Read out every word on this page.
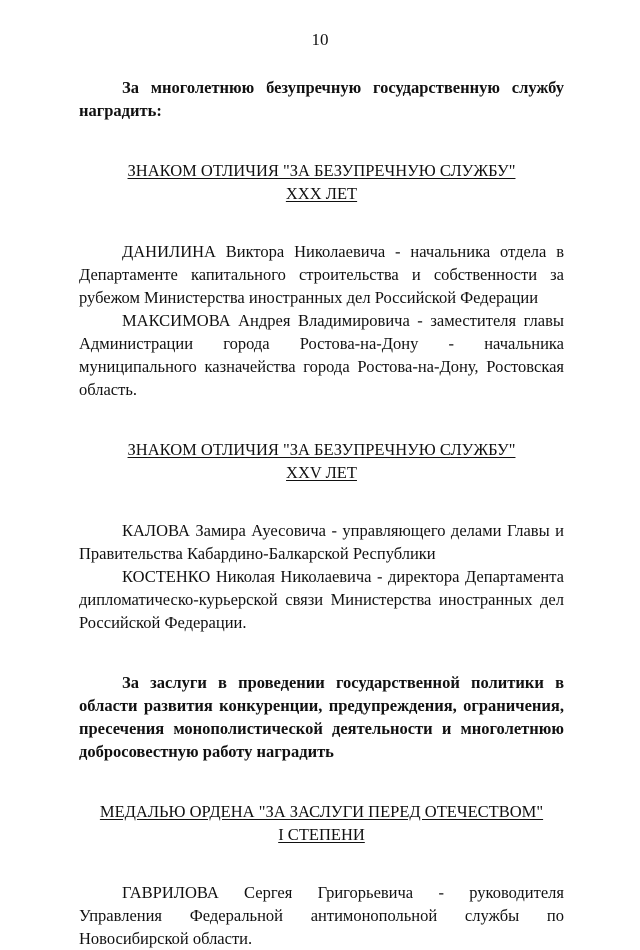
10

За многолетнюю безупречную государственную службу наградить:

ЗНАКОМ ОТЛИЧИЯ "ЗА БЕЗУПРЕЧНУЮ СЛУЖБУ"

XXX ЛЕТ

ДАНИЛИНА Виктора Николаевича - начальника отдела в Департаменте капитального строительства и собственности за рубежом Министерства иностранных дел Российской Федерации

МАКСИМОВА Андрея Владимировича - заместителя главы Администрации города Ростова-на-Дону - начальника муниципального казначейства города Ростова-на-Дону, Ростовская область.

ЗНАКОМ ОТЛИЧИЯ "ЗА БЕЗУПРЕЧНУЮ СЛУЖБУ"

XXV ЛЕТ

КАЛОВА Замира Ауесовича - управляющего делами Главы и Правительства Кабардино-Балкарской Республики

КОСТЕНКО Николая Николаевича - директора Департамента дипломатическо-курьерской связи Министерства иностранных дел Российской Федерации.

За заслуги в проведении государственной политики в области развития конкуренции, предупреждения, ограничения, пресечения монополистической деятельности и многолетнюю добросовестную работу наградить

МЕДАЛЬЮ ОРДЕНА "ЗА ЗАСЛУГИ ПЕРЕД ОТЕЧЕСТВОМ"

I СТЕПЕНИ

ГАВРИЛОВА Сергея Григорьевича - руководителя Управления Федеральной антимонопольной службы по Новосибирской области.
